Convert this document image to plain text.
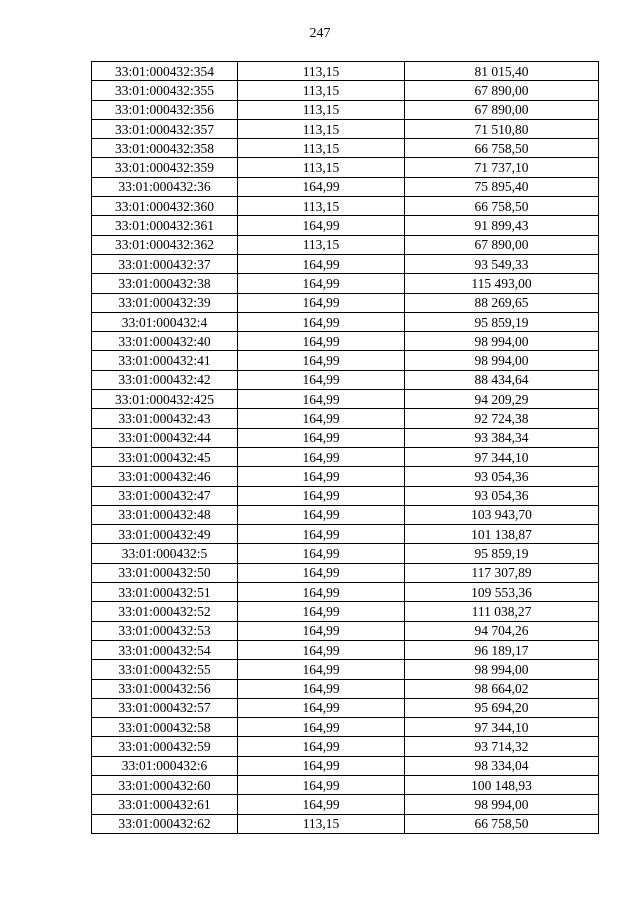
247
33:01:000432:354	113,15	81 015,40
33:01:000432:355	113,15	67 890,00
33:01:000432:356	113,15	67 890,00
33:01:000432:357	113,15	71 510,80
33:01:000432:358	113,15	66 758,50
33:01:000432:359	113,15	71 737,10
33:01:000432:36	164,99	75 895,40
33:01:000432:360	113,15	66 758,50
33:01:000432:361	164,99	91 899,43
33:01:000432:362	113,15	67 890,00
33:01:000432:37	164,99	93 549,33
33:01:000432:38	164,99	115 493,00
33:01:000432:39	164,99	88 269,65
33:01:000432:4	164,99	95 859,19
33:01:000432:40	164,99	98 994,00
33:01:000432:41	164,99	98 994,00
33:01:000432:42	164,99	88 434,64
33:01:000432:425	164,99	94 209,29
33:01:000432:43	164,99	92 724,38
33:01:000432:44	164,99	93 384,34
33:01:000432:45	164,99	97 344,10
33:01:000432:46	164,99	93 054,36
33:01:000432:47	164,99	93 054,36
33:01:000432:48	164,99	103 943,70
33:01:000432:49	164,99	101 138,87
33:01:000432:5	164,99	95 859,19
33:01:000432:50	164,99	117 307,89
33:01:000432:51	164,99	109 553,36
33:01:000432:52	164,99	111 038,27
33:01:000432:53	164,99	94 704,26
33:01:000432:54	164,99	96 189,17
33:01:000432:55	164,99	98 994,00
33:01:000432:56	164,99	98 664,02
33:01:000432:57	164,99	95 694,20
33:01:000432:58	164,99	97 344,10
33:01:000432:59	164,99	93 714,32
33:01:000432:6	164,99	98 334,04
33:01:000432:60	164,99	100 148,93
33:01:000432:61	164,99	98 994,00
33:01:000432:62	113,15	66 758,50
